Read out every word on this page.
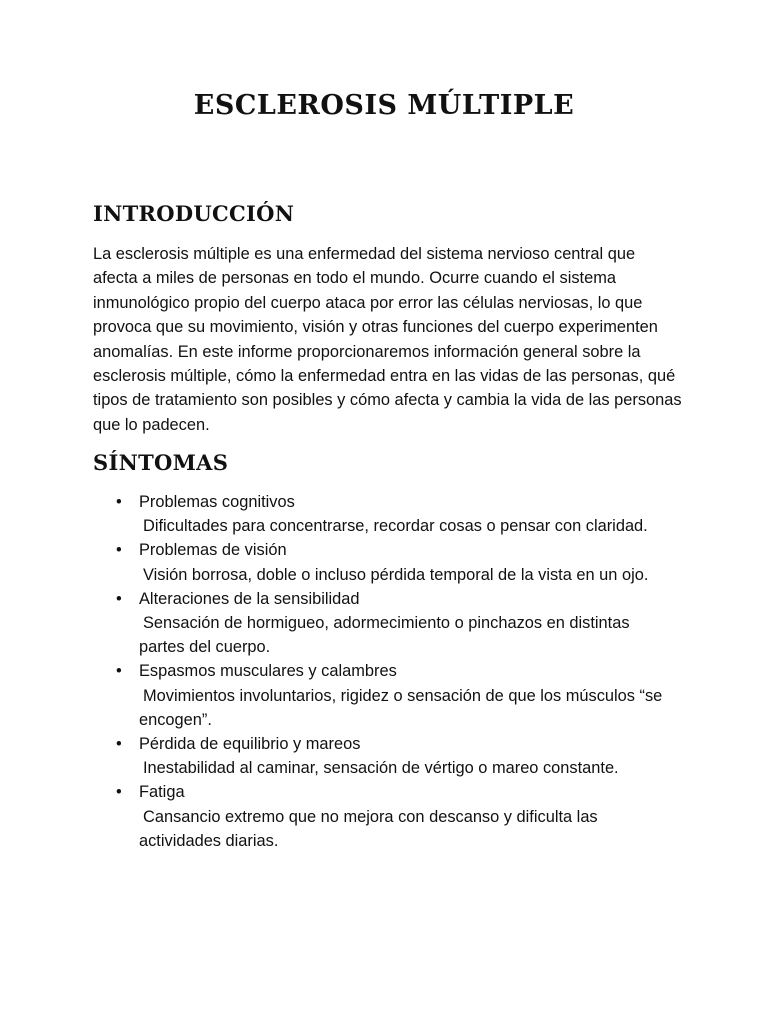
ESCLEROSIS MÚLTIPLE
INTRODUCCIÓN

La esclerosis múltiple es una enfermedad del sistema nervioso central que afecta a miles de personas en todo el mundo. Ocurre cuando el sistema inmunológico propio del cuerpo ataca por error las células nerviosas, lo que provoca que su movimiento, visión y otras funciones del cuerpo experimenten anomalías. En este informe proporcionaremos información general sobre la esclerosis múltiple, cómo la enfermedad entra en las vidas de las personas, qué tipos de tratamiento son posibles y cómo afecta y cambia la vida de las personas que lo padecen.

SÍNTOMAS
• Problemas cognitivos
Dificultades para concentrarse, recordar cosas o pensar con claridad.
• Problemas de visión
Visión borrosa, doble o incluso pérdida temporal de la vista en un ojo.
• Alteraciones de la sensibilidad
Sensación de hormigueo, adormecimiento o pinchazos en distintas partes del cuerpo.
• Espasmos musculares y calambres
Movimientos involuntarios, rigidez o sensación de que los músculos “se encogen”.
• Pérdida de equilibrio y mareos
Inestabilidad al caminar, sensación de vértigo o mareo constante.
• Fatiga
Cansancio extremo que no mejora con descanso y dificulta las actividades diarias.
